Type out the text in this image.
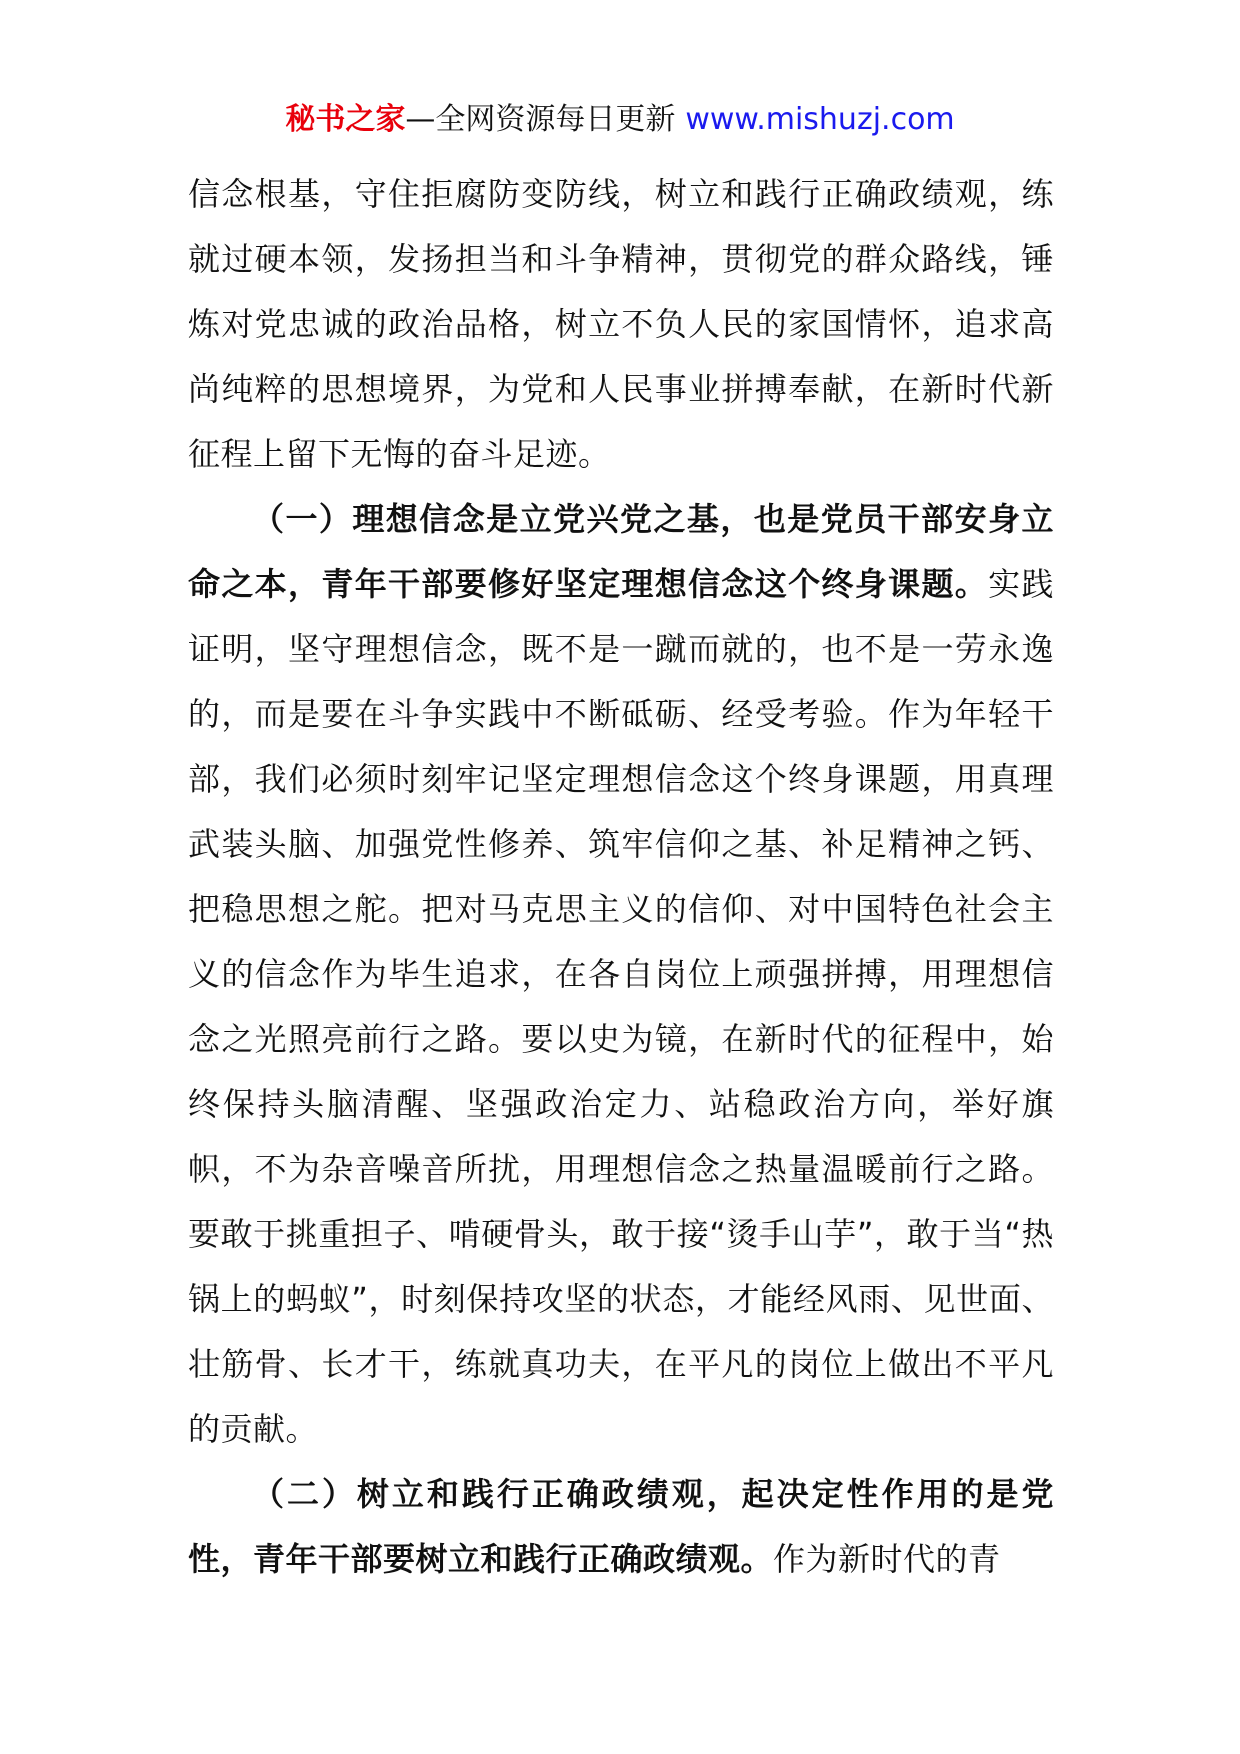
秘书之家—全网资源每日更新 www.mishuzj.com

信念根基，守住拒腐防变防线，树立和践行正确政绩观，练就过硬本领，发扬担当和斗争精神，贯彻党的群众路线，锤炼对党忠诚的政治品格，树立不负人民的家国情怀，追求高尚纯粹的思想境界，为党和人民事业拼搏奉献，在新时代新征程上留下无悔的奋斗足迹。

（一）理想信念是立党兴党之基，也是党员干部安身立命之本，青年干部要修好坚定理想信念这个终身课题。实践证明，坚守理想信念，既不是一蹴而就的，也不是一劳永逸的，而是要在斗争实践中不断砥砺、经受考验。作为年轻干部，我们必须时刻牢记坚定理想信念这个终身课题，用真理武装头脑、加强党性修养、筑牢信仰之基、补足精神之钙、把稳思想之舵。把对马克思主义的信仰、对中国特色社会主义的信念作为毕生追求，在各自岗位上顽强拼搏，用理想信念之光照亮前行之路。要以史为镜，在新时代的征程中，始终保持头脑清醒、坚强政治定力、站稳政治方向，举好旗帜，不为杂音噪音所扰，用理想信念之热量温暖前行之路。要敢于挑重担子、啃硬骨头，敢于接“烫手山芋”，敢于当“热锅上的蚂蚁”，时刻保持攻坚的状态，才能经风雨、见世面、壮筋骨、长才干，练就真功夫，在平凡的岗位上做出不平凡的贡献。

（二）树立和践行正确政绩观，起决定性作用的是党性，青年干部要树立和践行正确政绩观。作为新时代的青
